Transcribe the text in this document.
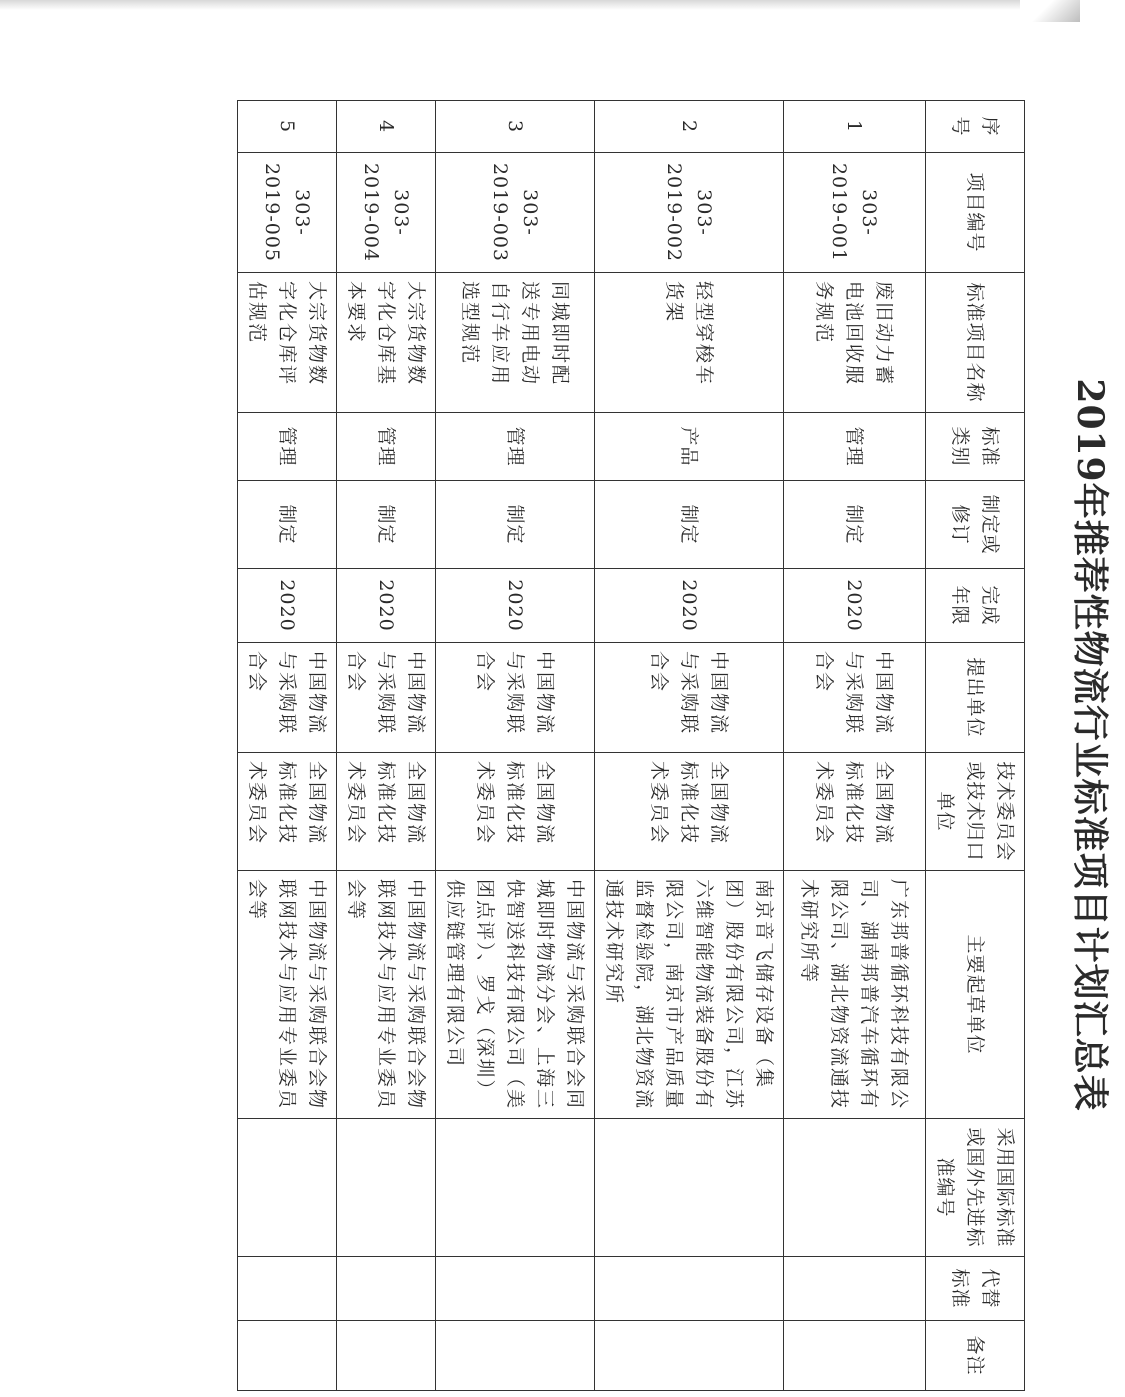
2019年推荐性物流行业标准项目计划汇总表
序号	项目编号	标准项目名称	标准类别	制定或修订	完成年限	提出单位	技术委员会或技术归口单位	主要起草单位	采用国际标准或国外先进标准编号	代替标准	备注
1	303-2019-001	废旧动力蓄电池回收服务规范	管理	制定	2020	中国物流与采购联合会	全国物流标准化技术委员会	广东邦普循环科技有限公司、湖南邦普汽车循环有限公司、湖北物资流通技术研究所等			
2	303-2019-002	轻型穿梭车货架	产品	制定	2020	中国物流与采购联合会	全国物流标准化技术委员会	南京音飞储存设备（集团）股份有限公司，江苏六维智能物流装备股份有限公司，南京市产品质量监督检验院，湖北物资流通技术研究所			
3	303-2019-003	同城即时配送专用电动自行车应用选型规范	管理	制定	2020	中国物流与采购联合会	全国物流标准化技术委员会	中国物流与采购联合会同城即时物流分会、上海三快智送科技有限公司（美团点评）、罗戈（深圳）供应链管理有限公司			
4	303-2019-004	大宗货物数字化仓库基本要求	管理	制定	2020	中国物流与采购联合会	全国物流标准化技术委员会	中国物流与采购联合会物联网技术与应用专业委员会等			
5	303-2019-005	大宗货物数字化仓库评估规范	管理	制定	2020	中国物流与采购联合会	全国物流标准化技术委员会	中国物流与采购联合会物联网技术与应用专业委员会等			
